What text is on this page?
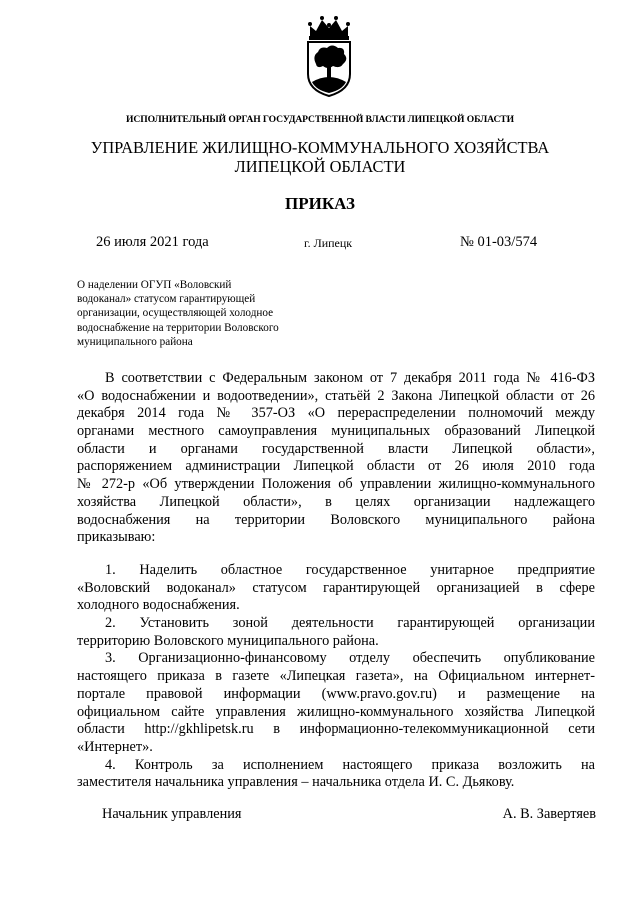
ИСПОЛНИТЕЛЬНЫЙ ОРГАН ГОСУДАРСТВЕННОЙ ВЛАСТИ ЛИПЕЦКОЙ ОБЛАСТИ
УПРАВЛЕНИЕ ЖИЛИЩНО-КОММУНАЛЬНОГО ХОЗЯЙСТВА
ЛИПЕЦКОЙ ОБЛАСТИ
ПРИКАЗ
26 июля 2021 года	г. Липецк	№ 01-03/574
О наделении ОГУП «Воловский
водоканал» статусом гарантирующей
организации, осуществляющей холодное
водоснабжение на территории Воловского
муниципального района
В соответствии с Федеральным законом от 7 декабря 2011 года № 416-ФЗ
«О водоснабжении и водоотведении», статьёй 2 Закона Липецкой области от 26
декабря 2014 года № 357-ОЗ «О перераспределении полномочий между
органами местного самоуправления муниципальных образований Липецкой
области и органами государственной власти Липецкой области»,
распоряжением администрации Липецкой области от 26 июля 2010 года
№ 272-р «Об утверждении Положения об управлении жилищно-коммунального
хозяйства Липецкой области», в целях организации надлежащего
водоснабжения на территории Воловского муниципального района
приказываю:
1. Наделить областное государственное унитарное предприятие
«Воловский водоканал» статусом гарантирующей организацией в сфере
холодного водоснабжения.
2. Установить зоной деятельности гарантирующей организации
территорию Воловского муниципального района.
3. Организационно-финансовому отделу обеспечить опубликование
настоящего приказа в газете «Липецкая газета», на Официальном интернет-
портале правовой информации (www.pravo.gov.ru) и размещение на
официальном сайте управления жилищно-коммунального хозяйства Липецкой
области http://gkhlipetsk.ru в информационно-телекоммуникационной сети
«Интернет».
4. Контроль за исполнением настоящего приказа возложить на
заместителя начальника управления – начальника отдела И. С. Дьякову.
Начальник управления	А. В. Завертяев
